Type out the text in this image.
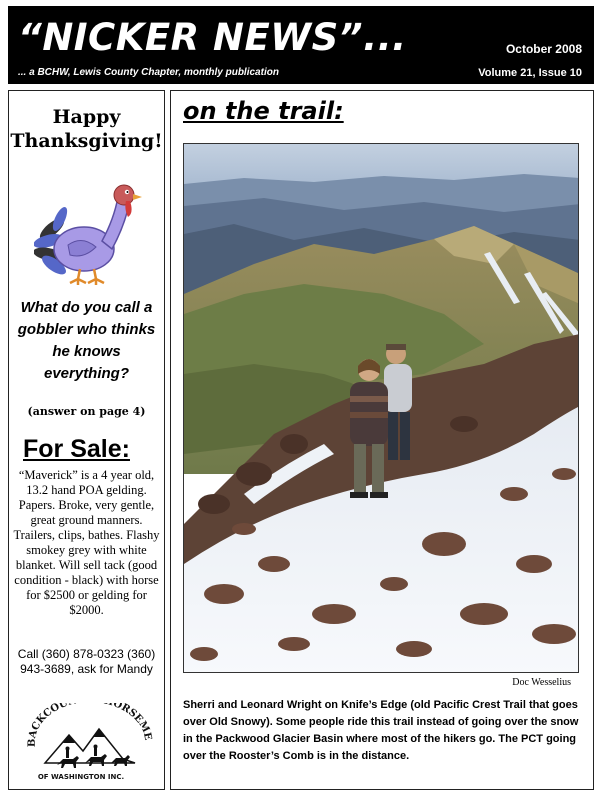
“NICKER NEWS”...	October 2008
... a BCHW, Lewis County Chapter, monthly publication	Volume 21, Issue 10
Happy Thanksgiving!
What do you call a gobbler who thinks he knows everything?
(answer on page 4)
For Sale:
“Maverick” is a 4 year old, 13.2 hand POA gelding. Papers. Broke, very gentle, great ground manners. Trailers, clips, bathes. Flashy smokey grey with white blanket. Will sell tack (good condition - black) with horse for $2500 or gelding for $2000.
Call (360) 878-0323 (360) 943-3689, ask for Mandy
BACKCOU ORSEME
OF WASHINGTON INC.
on the trail:
Doc Wesselius
Sherri and Leonard Wright on Knife’s Edge (old Pacific Crest Trail that goes over Old Snowy). Some people ride this trail instead of going over the snow in the Packwood Glacier Basin where most of the hikers go. The PCT going over the Rooster’s Comb is in the distance.
